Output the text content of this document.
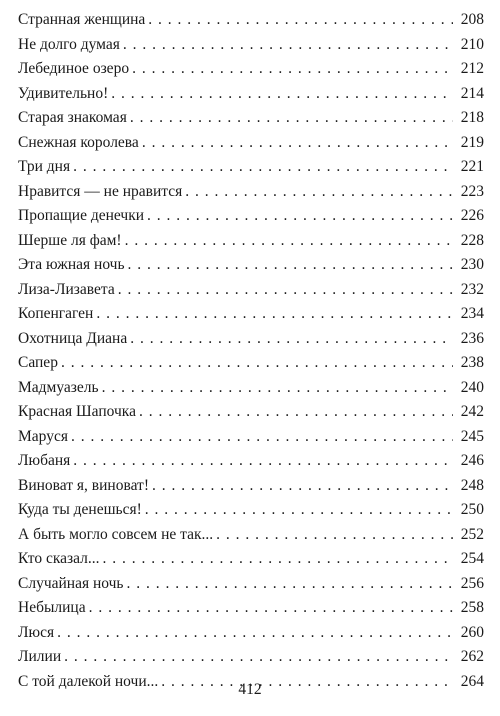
Странная женщина . . .	208
Не долго думая . . .	210
Лебединое озеро . . .	212
Удивительно! . . .	214
Старая знакомая . . .	218
Снежная королева . . .	219
Три дня . . .	221
Нравится — не нравится . . .	223
Пропащие денечки . . .	226
Шерше ля фам! . . .	228
Эта южная ночь . . .	230
Лиза-Лизавета . . .	232
Копенгаген . . .	234
Охотница Диана . . .	236
Сапер . . .	238
Мадмуазель . . .	240
Красная Шапочка . . .	242
Маруся . . .	245
Любаня . . .	246
Виноват я, виноват! . . .	248
Куда ты денешься! . . .	250
А быть могло совсем не так... . . .	252
Кто сказал... . . .	254
Случайная ночь . . .	256
Небылица . . .	258
Люся . . .	260
Лилии . . .	262
С той далекой ночи... . . .	264
412
